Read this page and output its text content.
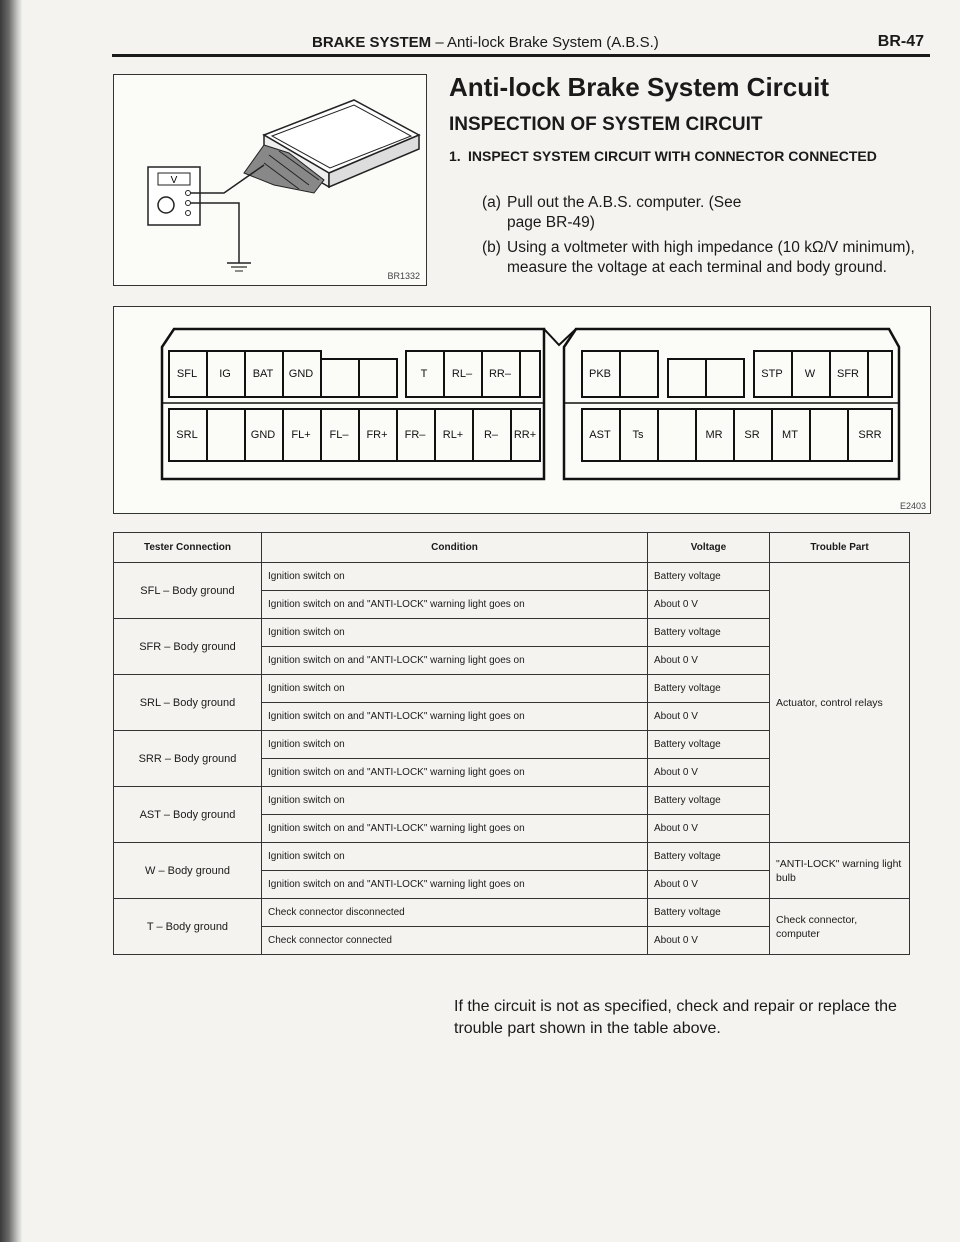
BRAKE SYSTEM – Anti-lock Brake System (A.B.S.)	BR-47
V
BR1332
Anti-lock Brake System Circuit
INSPECTION OF SYSTEM CIRCUIT
1. INSPECT SYSTEM CIRCUIT WITH CONNECTOR CONNECTED
(a) Pull out the A.B.S. computer. (See page BR-49)
(b) Using a voltmeter with high impedance (10 kΩ/V minimum), measure the voltage at each terminal and body ground.
SFL	IG	BAT	GND	T	RL–	RR–
SRL	GND	FL+	FL–	FR+	FR–	RL+	R–	RR+
PKB	STP	W	SFR
AST	Ts	MR	SR	MT	SRR
E2403
Tester Connection	Condition	Voltage	Trouble Part
SFL – Body ground	Ignition switch on	Battery voltage	Actuator, control relays
	Ignition switch on and "ANTI-LOCK" warning light goes on	About 0 V	
SFR – Body ground	Ignition switch on	Battery voltage	
	Ignition switch on and "ANTI-LOCK" warning light goes on	About 0 V	
SRL – Body ground	Ignition switch on	Battery voltage	
	Ignition switch on and "ANTI-LOCK" warning light goes on	About 0 V	
SRR – Body ground	Ignition switch on	Battery voltage	
	Ignition switch on and "ANTI-LOCK" warning light goes on	About 0 V	
AST – Body ground	Ignition switch on	Battery voltage	
	Ignition switch on and "ANTI-LOCK" warning light goes on	About 0 V	
W – Body ground	Ignition switch on	Battery voltage	"ANTI-LOCK" warning light bulb
	Ignition switch on and "ANTI-LOCK" warning light goes on	About 0 V	
T – Body ground	Check connector disconnected	Battery voltage	Check connector, computer
	Check connector connected	About 0 V	
If the circuit is not as specified, check and repair or replace the trouble part shown in the table above.
